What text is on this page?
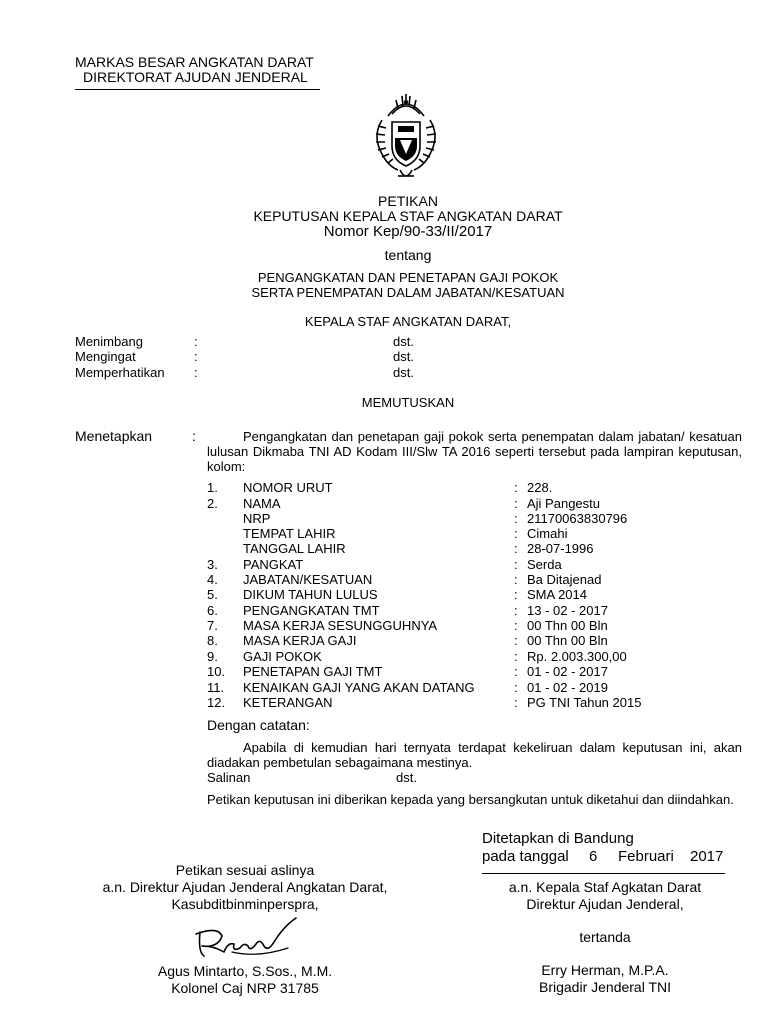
MARKAS BESAR ANGKATAN DARAT
DIREKTORAT AJUDAN JENDERAL
PETIKAN
KEPUTUSAN KEPALA STAF ANGKATAN DARAT
Nomor Kep/90-33/II/2017
tentang
PENGANGKATAN DAN PENETAPAN GAJI POKOK
SERTA PENEMPATAN DALAM JABATAN/KESATUAN
KEPALA STAF ANGKATAN DARAT,
Menimbang	:	dst.
Mengingat	:	dst.
Memperhatikan :	dst.
MEMUTUSKAN
Menetapkan	:	Pengangkatan dan penetapan gaji pokok serta penempatan dalam jabatan/ kesatuan lulusan Dikmaba TNI AD Kodam III/Slw TA 2016 seperti tersebut pada lampiran keputusan, kolom:
1. NOMOR URUT	: 228.
2. NAMA	: Aji Pangestu
NRP	: 21170063830796
TEMPAT LAHIR	: Cimahi
TANGGAL LAHIR	: 28-07-1996
3. PANGKAT	: Serda
4. JABATAN/KESATUAN	: Ba Ditajenad
5. DIKUM TAHUN LULUS	: SMA 2014
6. PENGANGKATAN TMT	: 13 - 02 - 2017
7. MASA KERJA SESUNGGUHNYA	: 00 Thn 00 Bln
8. MASA KERJA GAJI	: 00 Thn 00 Bln
9. GAJI POKOK	: Rp. 2.003.300,00
10. PENETAPAN GAJI TMT	: 01 - 02 - 2017
11. KENAIKAN GAJI YANG AKAN DATANG	: 01 - 02 - 2019
12. KETERANGAN	: PG TNI Tahun 2015
Dengan catatan:
Apabila di kemudian hari ternyata terdapat kekeliruan dalam keputusan ini, akan diadakan pembetulan sebagaimana mestinya.
Salinan	dst.
Petikan keputusan ini diberikan kepada yang bersangkutan untuk diketahui dan diindahkan.
Ditetapkan di Bandung
pada tanggal 6 Februari 2017
Petikan sesuai aslinya
a.n. Direktur Ajudan Jenderal Angkatan Darat,
Kasubditbinminperspra,
Agus Mintarto, S.Sos., M.M.
Kolonel Caj NRP 31785
a.n. Kepala Staf Agkatan Darat
Direktur Ajudan Jenderal,
tertanda
Erry Herman, M.P.A.
Brigadir Jenderal TNI
